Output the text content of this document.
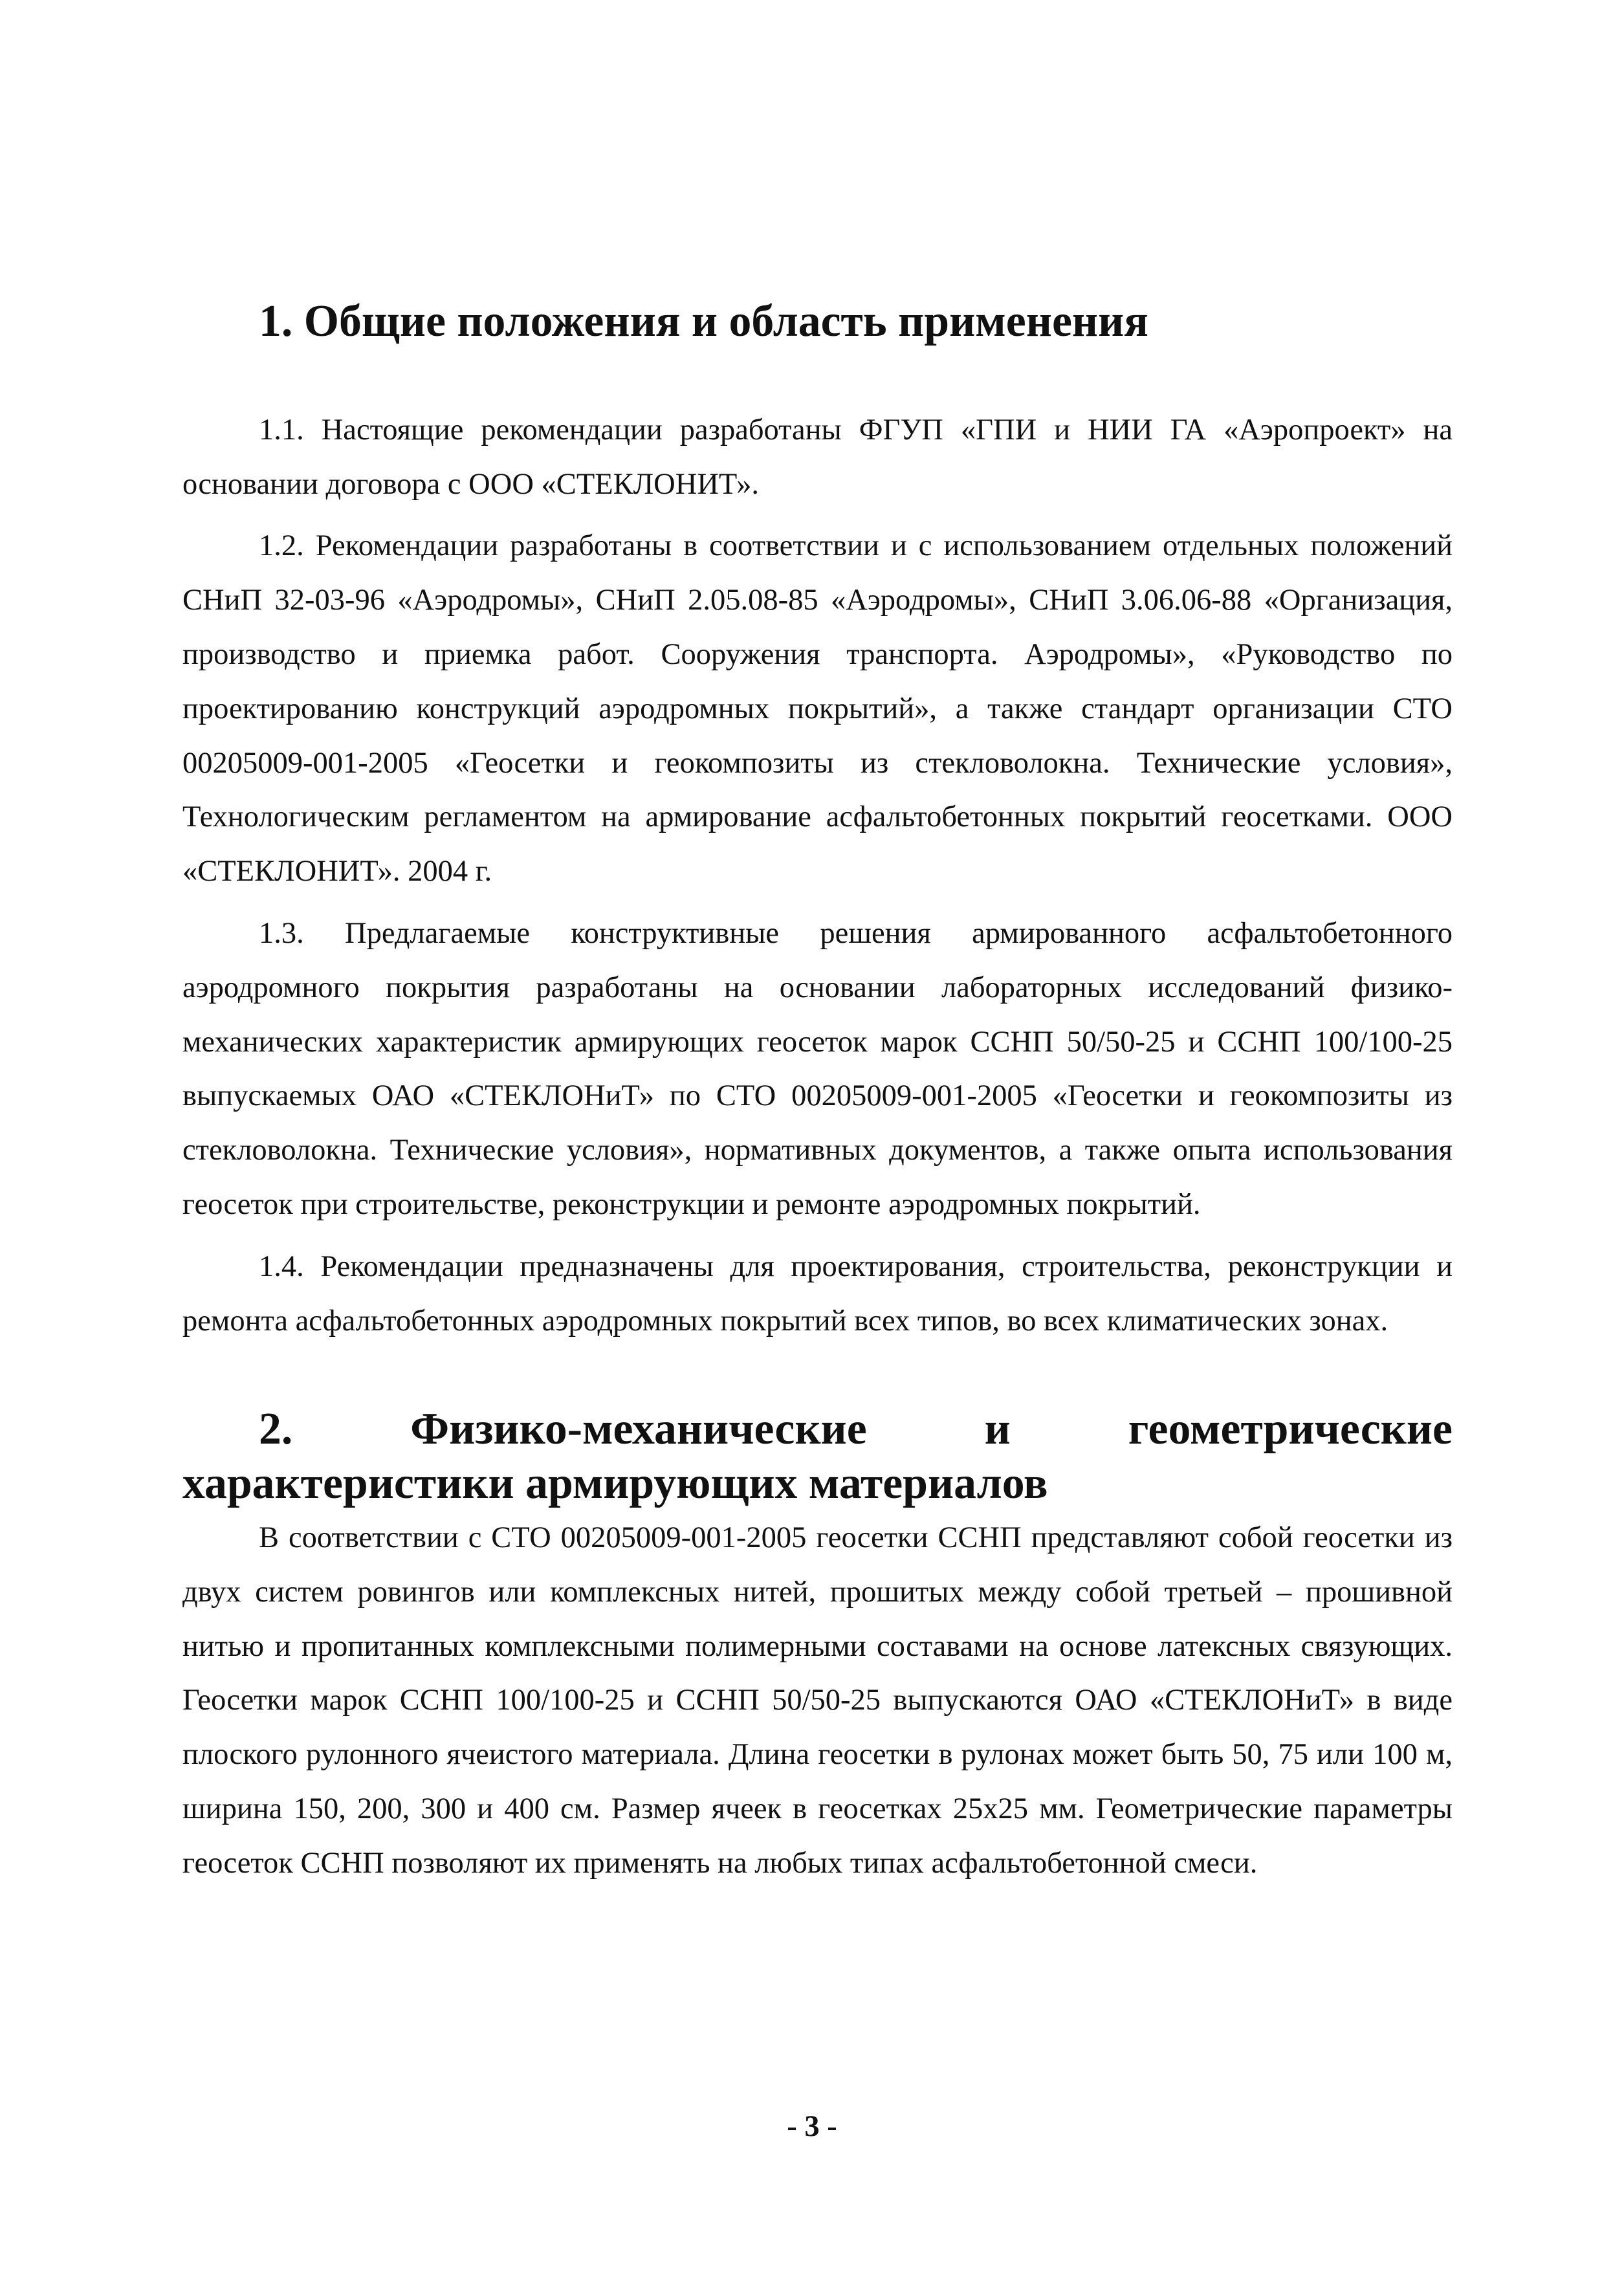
1. Общие положения и область применения

1.1. Настоящие рекомендации разработаны ФГУП «ГПИ и НИИ ГА «Аэропроект» на основании договора с ООО «СТЕКЛОНИТ».

1.2. Рекомендации разработаны в соответствии и с использованием отдельных положений СНиП 32-03-96 «Аэродромы», СНиП 2.05.08-85 «Аэродромы», СНиП 3.06.06-88 «Организация, производство и приемка работ. Сооружения транспорта. Аэродромы», «Руководство по проектированию конструкций аэродромных покрытий», а также стандарт организации СТО 00205009-001-2005 «Геосетки и геокомпозиты из стекловолокна. Технические условия», Технологическим регламентом на армирование асфальтобетонных покрытий геосетками. ООО «СТЕКЛОНИТ». 2004 г.

1.3. Предлагаемые конструктивные решения армированного асфальтобетонного аэродромного покрытия разработаны на основании лабораторных исследований физико-механических характеристик армирующих геосеток марок ССНП 50/50-25 и ССНП 100/100-25 выпускаемых ОАО «СТЕКЛОНиТ» по СТО 00205009-001-2005 «Геосетки и геокомпозиты из стекловолокна. Технические условия», нормативных документов, а также опыта использования геосеток при строительстве, реконструкции и ремонте аэродромных покрытий.

1.4. Рекомендации предназначены для проектирования, строительства, реконструкции и ремонта асфальтобетонных аэродромных покрытий всех типов, во всех климатических зонах.

2. Физико-механические и геометрические характеристики армирующих материалов

В соответствии с СТО 00205009-001-2005 геосетки ССНП представляют собой геосетки из двух систем ровингов или комплексных нитей, прошитых между собой третьей – прошивной нитью и пропитанных комплексными полимерными составами на основе латексных связующих. Геосетки марок ССНП 100/100-25 и ССНП 50/50-25 выпускаются ОАО «СТЕКЛОНиТ» в виде плоского рулонного ячеистого материала. Длина геосетки в рулонах может быть 50, 75 или 100 м, ширина 150, 200, 300 и 400 см. Размер ячеек в геосетках 25x25 мм. Геометрические параметры геосеток ССНП позволяют их применять на любых типах асфальтобетонной смеси.

- 3 -
